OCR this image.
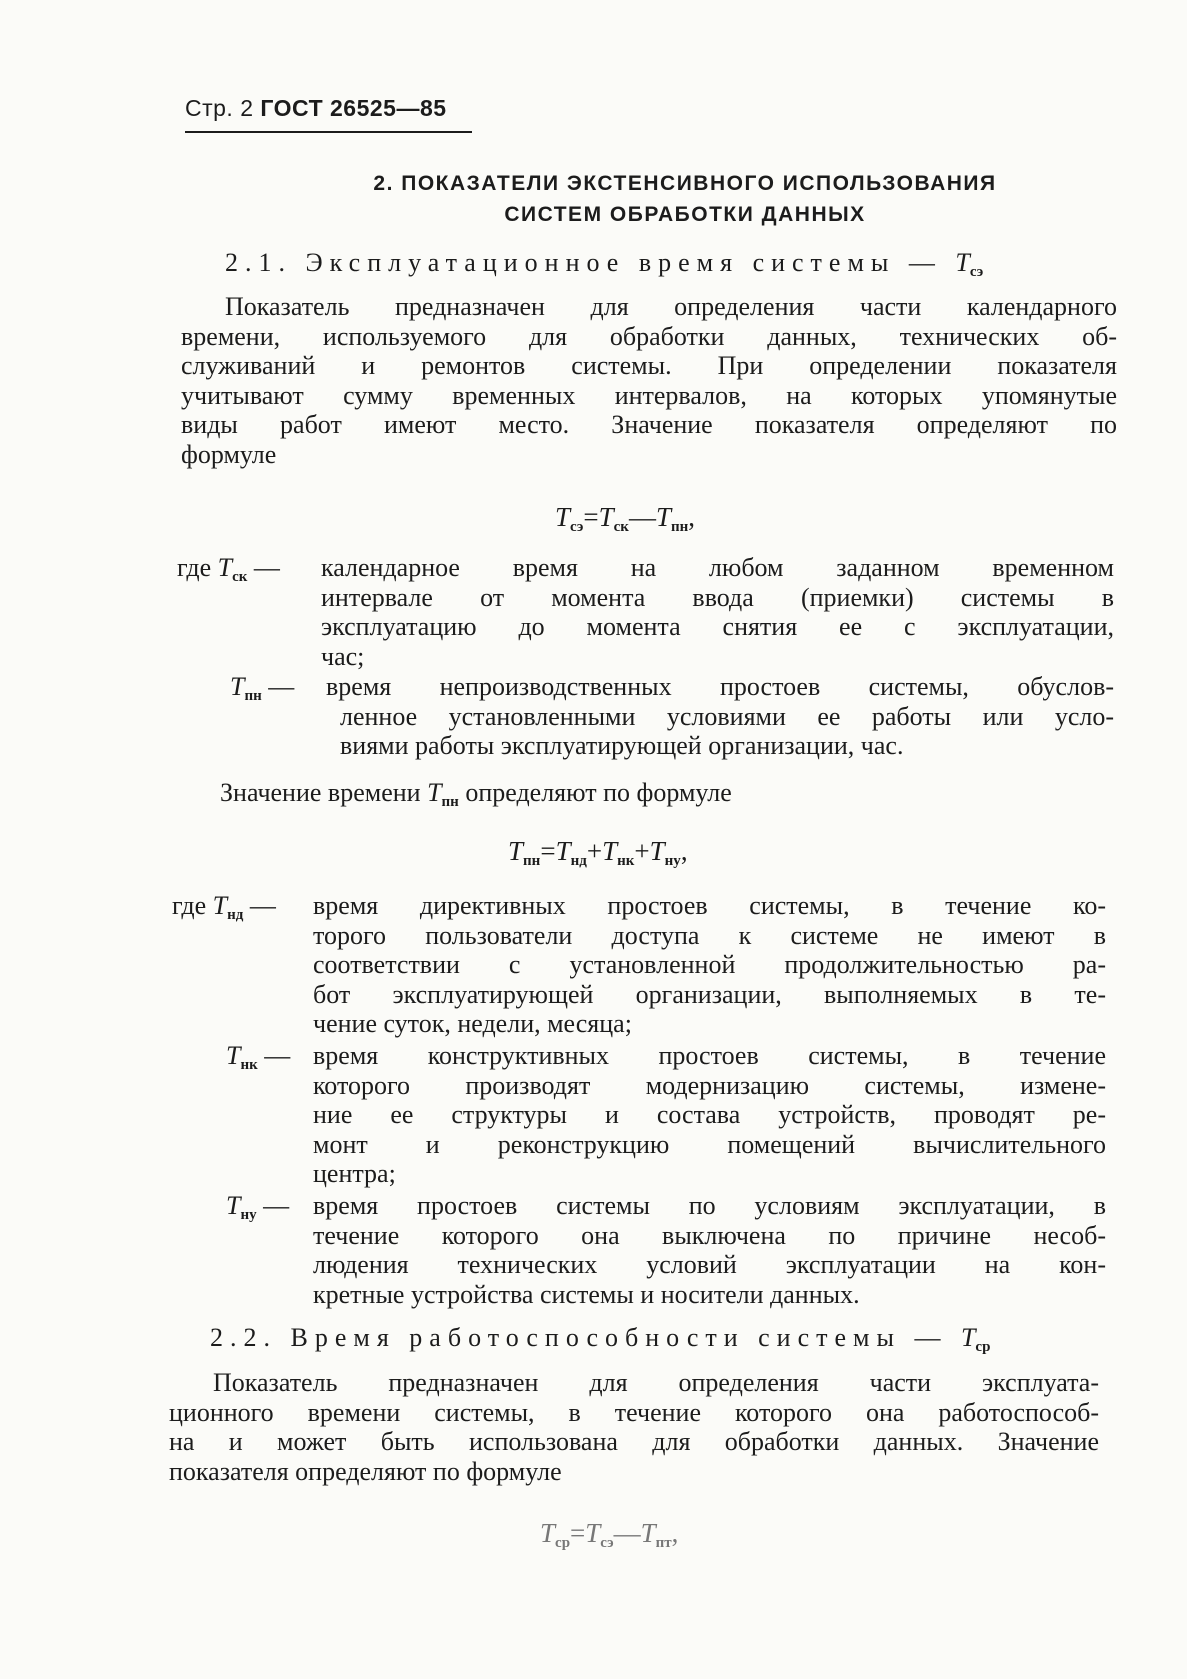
Стр. 2 ГОСТ 26525—85
2. ПОКАЗАТЕЛИ ЭКСТЕНСИВНОГО ИСПОЛЬЗОВАНИЯ
СИСТЕМ ОБРАБОТКИ ДАННЫХ
2.1. Эксплуатационное время системы — $T_{сэ}$
Показатель предназначен для определения части календарного
времени, используемого для обработки данных, технических об-
служиваний и ремонтов системы. При определении показателя
учитывают сумму временных интервалов, на которых упомянутые
виды работ имеют место. Значение показателя определяют по
формуле
$T_{сэ}=T_{ск}—T_{пн}$,
где $T_{ск}$ — календарное время на любом заданном временном
интервале от момента ввода (приемки) системы в
эксплуатацию до момента снятия ее с эксплуатации,
час;
$T_{пн}$ — время непроизводственных простоев системы, обуслов-
ленное установленными условиями ее работы или усло-
виями работы эксплуатирующей организации, час.
Значение времени $T_{пн}$ определяют по формуле
$T_{пн}=T_{нд}+T_{нк}+T_{ну}$,
где $T_{нд}$ — время директивных простоев системы, в течение ко-
торого пользователи доступа к системе не имеют в
соответствии с установленной продолжительностью ра-
бот эксплуатирующей организации, выполняемых в те-
чение суток, недели, месяца;
$T_{нк}$ — время конструктивных простоев системы, в течение
которого производят модернизацию системы, измене-
ние ее структуры и состава устройств, проводят ре-
монт и реконструкцию помещений вычислительного
центра;
$T_{ну}$ — время простоев системы по условиям эксплуатации, в
течение которого она выключена по причине несоб-
людения технических условий эксплуатации на кон-
кретные устройства системы и носители данных.
2.2. Время работоспособности системы — $T_{ср}$
Показатель предназначен для определения части эксплуата-
ционного времени системы, в течение которого она работоспособ-
на и может быть использована для обработки данных. Значение
показателя определяют по формуле
$T_{ср}=T_{сэ}—T_{пт}$,
